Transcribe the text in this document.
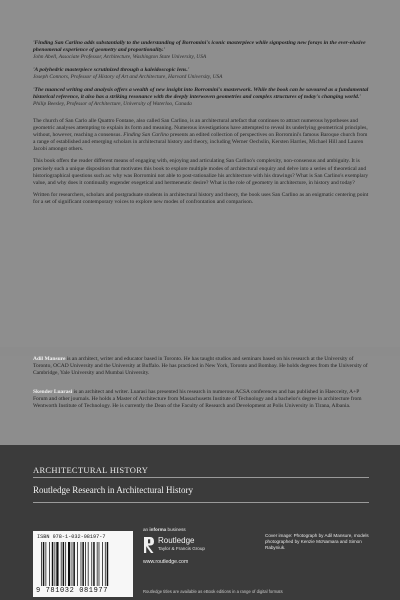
'Finding San Carlino adds substantially to the understanding of Borromini's iconic masterpiece while signposting new forays in the ever-elusive phenomenal experience of geometry and proportionality.'

John Abell, Associate Professor, Architecture, Washington State University, USA

'A polyhedric masterpiece scrutinized through a kaleidoscopic lens.'

Joseph Connors, Professor of History of Art and Architecture, Harvard University, USA

'The nuanced writing and analysis offers a wealth of new insight into Borromini's masterwork. While the book can be savoured as a fundamental historical reference, it also has a striking resonance with the deeply interwoven geometries and complex structures of today's changing world.'

Philip Beesley, Professor of Architecture, University of Waterloo, Canada

The church of San Carlo alle Quattro Fontane, also called San Carlino, is an architectural artefact that continues to attract numerous hypotheses and geometric analyses attempting to explain its form and meaning. Numerous investigations have attempted to reveal its underlying geometrical principles, without, however, reaching a consensus. Finding San Carlino presents an edited collection of perspectives on Borromini's famous Baroque church from a range of established and emerging scholars in architectural history and theory, including Werner Oechslin, Kersten Harries, Michael Hill and Lauren Jacobi amongst others.

This book offers the reader different means of engaging with, enjoying and articulating San Carlino's complexity, non-consensus and ambiguity. It is precisely such a unique disposition that motivates this book to explore multiple modes of architectural enquiry and delve into a series of theoretical and historiographical questions such as: why was Borromini not able to post-rationalize his architecture with his drawings? What is San Carlino's exemplary value, and why does it continually engender exegetical and hermeneutic desire? What is the role of geometry in architecture, in history and today?

Written for researchers, scholars and postgraduate students in architectural history and theory, the book uses San Carlino as an enigmatic centering point for a set of significant contemporary voices to explore new modes of confrontation and comparison.

Adil Mansure is an architect, writer and educator based in Toronto. He has taught studios and seminars based on his research at the University of Toronto, OCAD University and the University at Buffalo. He has practiced in New York, Toronto and Bombay. He holds degrees from the University of Cambridge, Yale University and Mumbai University.

Skender Luarasi is an architect and writer. Luarasi has presented his research in numerous ACSA conferences and has published in Haecceity, A+P Forum and other journals. He holds a Master of Architecture from Massachusetts Institute of Technology and a bachelor's degree in architecture from Wentworth Institute of Technology. He is currently the Dean of the Faculty of Research and Development at Polis University in Tirana, Albania.

ARCHITECTURAL HISTORY
Routledge Research in Architectural History
ISBN 978-1-032-08197-7
9 781032 081977
an informa business
Routledge
Taylor & Francis Group
www.routledge.com

Cover image: Photograph by Adil Mansure, models photographed by Kenzie McNamara and Simon Rabyniuk.

Routledge titles are available as eBook editions in a range of digital formats
